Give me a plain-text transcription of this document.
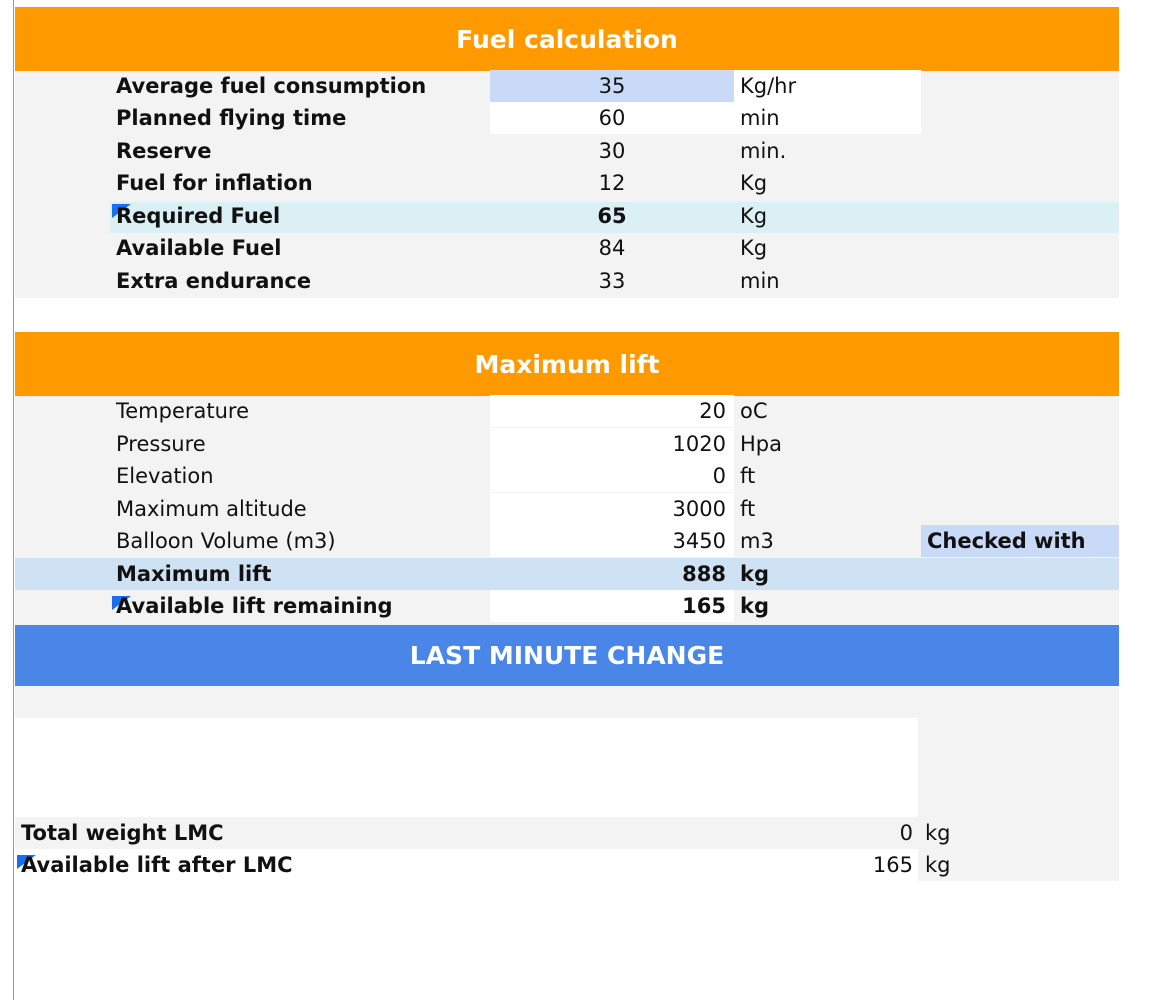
Fuel calculation
Average fuel consumption	35	Kg/hr
Planned flying time	60	min
Reserve	30	min.
Fuel for inflation	12	Kg
Required Fuel	65	Kg
Available Fuel	84	Kg
Extra endurance	33	min
Maximum lift
Temperature	20 oC
Pressure	1020 Hpa
Elevation	0 ft
Maximum altitude	3000 ft
Balloon Volume (m3)	3450 m3	Checked with
Maximum lift	888 kg
Available lift remaining	165 kg
LAST MINUTE CHANGE
Total weight LMC	0 kg
Available lift after LMC	165 kg
